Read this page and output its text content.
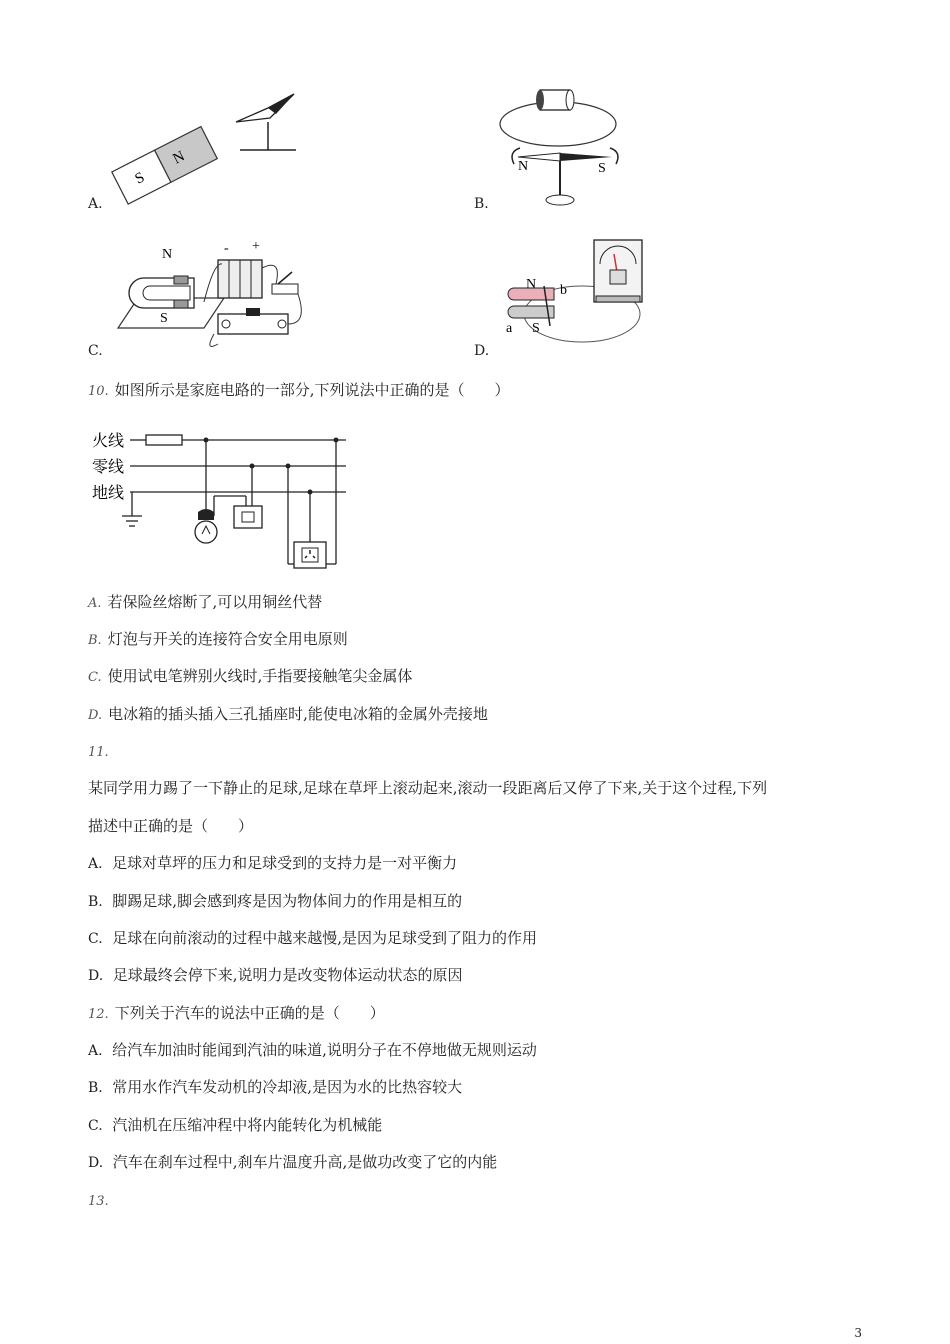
S
N
A.
N	S
B.
N
S
- +
C.
N
S
a
b
D.
10. 如图所示是家庭电路的一部分,下列说法中正确的是（　　）
火线
零线
地线
A. 若保险丝熔断了,可以用铜丝代替
B. 灯泡与开关的连接符合安全用电原则
C. 使用试电笔辨别火线时,手指要接触笔尖金属体
D. 电冰箱的插头插入三孔插座时,能使电冰箱的金属外壳接地
11.
某同学用力踢了一下静止的足球,足球在草坪上滚动起来,滚动一段距离后又停了下来,关于这个过程,下列
描述中正确的是（　　）
A. 足球对草坪的压力和足球受到的支持力是一对平衡力
B. 脚踢足球,脚会感到疼是因为物体间力的作用是相互的
C. 足球在向前滚动的过程中越来越慢,是因为足球受到了阻力的作用
D. 足球最终会停下来,说明力是改变物体运动状态的原因
12. 下列关于汽车的说法中正确的是（　　）
A. 给汽车加油时能闻到汽油的味道,说明分子在不停地做无规则运动
B. 常用水作汽车发动机的冷却液,是因为水的比热容较大
C. 汽油机在压缩冲程中将内能转化为机械能
D. 汽车在刹车过程中,刹车片温度升高,是做功改变了它的内能
13.
3
